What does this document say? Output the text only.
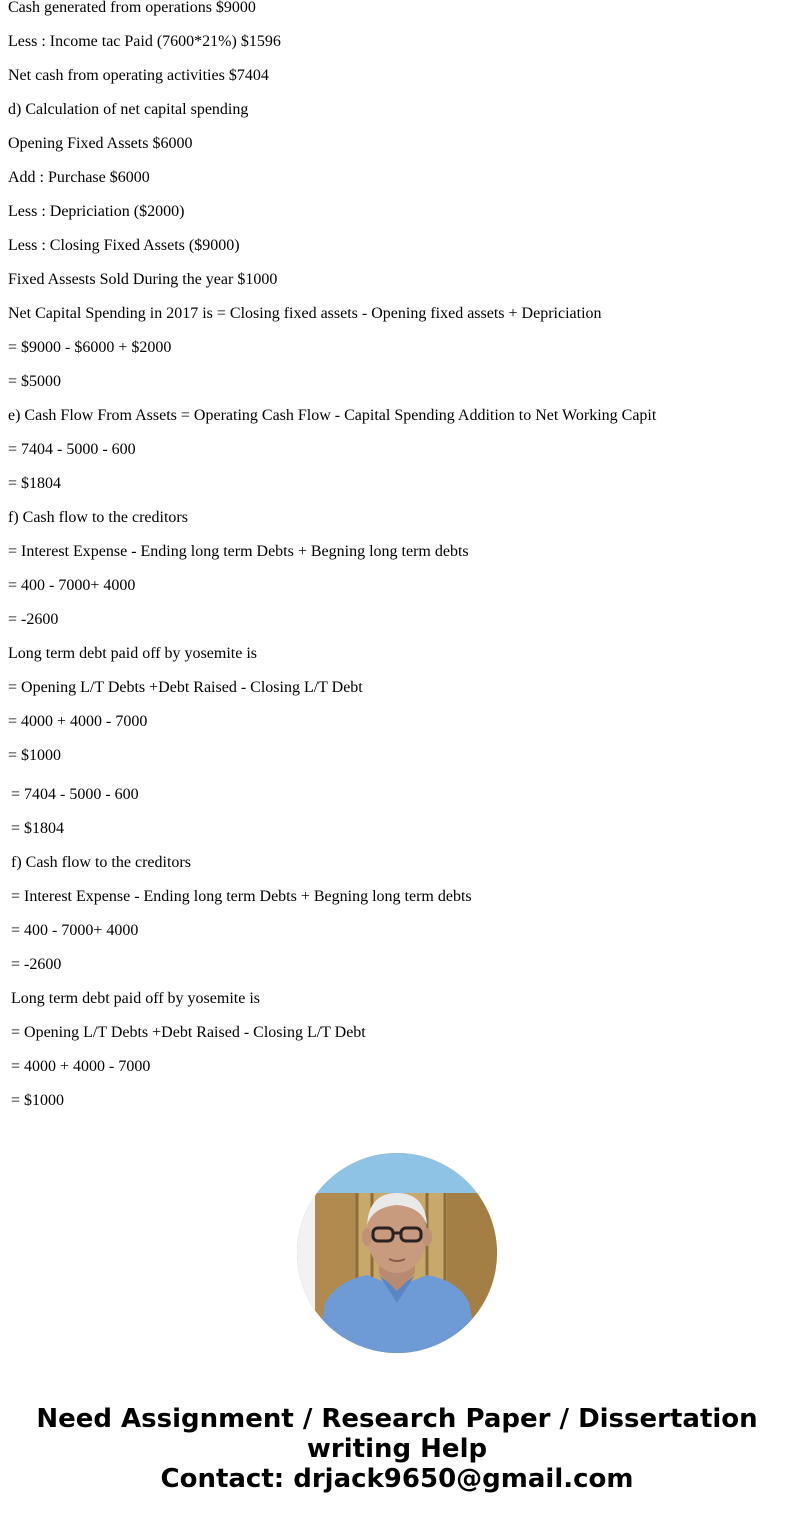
Cash generated from operations $9000
Less : Income tac Paid (7600*21%) $1596
Net cash from operating activities $7404
d) Calculation of net capital spending
Opening Fixed Assets $6000
Add : Purchase $6000
Less : Depriciation ($2000)
Less : Closing Fixed Assets ($9000)
Fixed Assests Sold During the year $1000
Net Capital Spending in 2017 is = Closing fixed assets - Opening fixed assets + Depriciation
= $9000 - $6000 + $2000
= $5000
e) Cash Flow From Assets = Operating Cash Flow - Capital Spending Addition to Net Working Capit
= 7404 - 5000 - 600
= $1804
f) Cash flow to the creditors
= Interest Expense - Ending long term Debts + Begning long term debts
= 400 - 7000+ 4000
= -2600
Long term debt paid off by yosemite is
= Opening L/T Debts +Debt Raised - Closing L/T Debt
= 4000 + 4000 - 7000
= $1000
= 7404 - 5000 - 600
= $1804
f) Cash flow to the creditors
= Interest Expense - Ending long term Debts + Begning long term debts
= 400 - 7000+ 4000
= -2600
Long term debt paid off by yosemite is
= Opening L/T Debts +Debt Raised - Closing L/T Debt
= 4000 + 4000 - 7000
= $1000
Need Assignment / Research Paper / Dissertation
writing Help
Contact: drjack9650@gmail.com
